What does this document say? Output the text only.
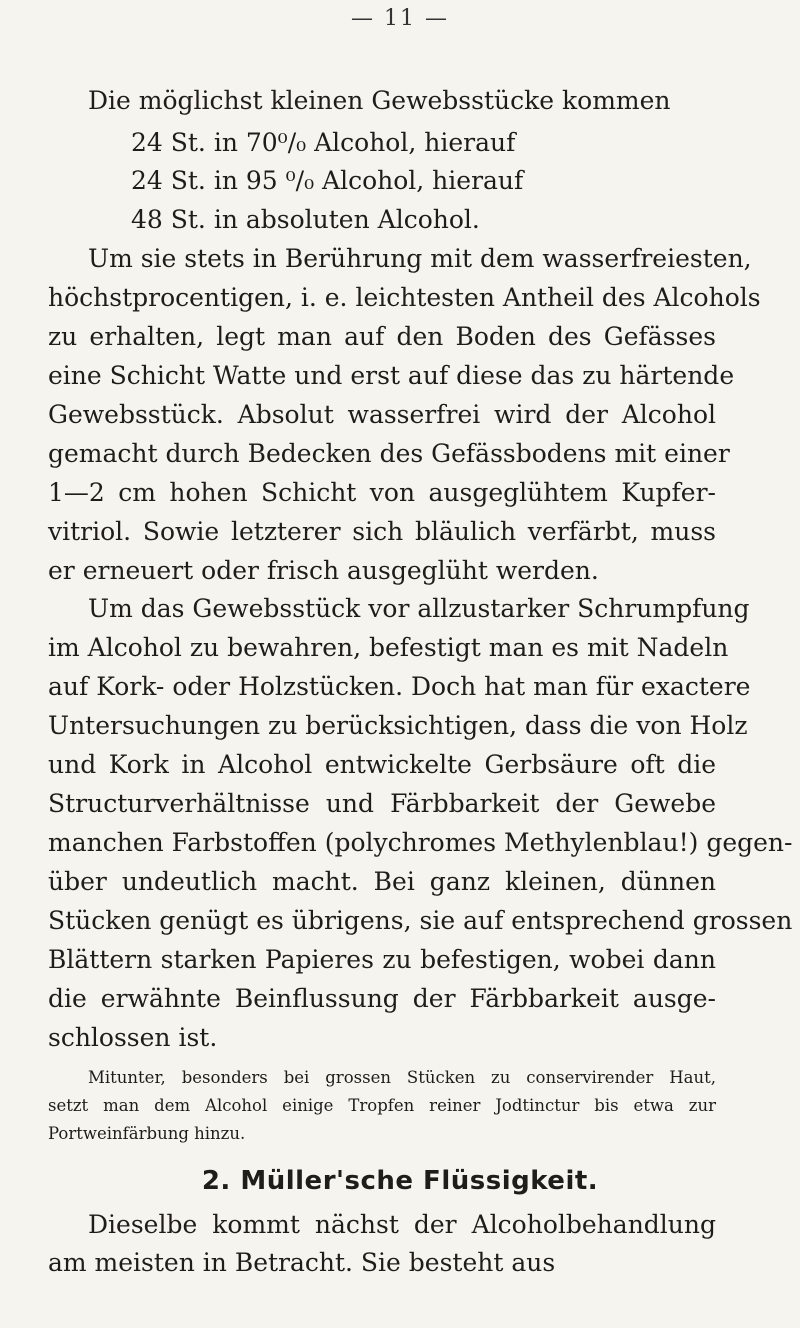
— 11 —
Die möglichst kleinen Gewebsstücke kommen
24 St. in 70⁰/₀ Alcohol, hierauf
24 St. in 95 ⁰/₀ Alcohol, hierauf
48 St. in absoluten Alcohol.
Um sie stets in Berührung mit dem wasserfreiesten,
höchstprocentigen, i. e. leichtesten Antheil des Alcohols
zu erhalten, legt man auf den Boden des Gefässes
eine Schicht Watte und erst auf diese das zu härtende
Gewebsstück. Absolut wasserfrei wird der Alcohol
gemacht durch Bedecken des Gefässbodens mit einer
1—2 cm hohen Schicht von ausgeglühtem Kupfer-
vitriol. Sowie letzterer sich bläulich verfärbt, muss
er erneuert oder frisch ausgeglüht werden.
Um das Gewebsstück vor allzustarker Schrumpfung
im Alcohol zu bewahren, befestigt man es mit Nadeln
auf Kork- oder Holzstücken. Doch hat man für exactere
Untersuchungen zu berücksichtigen, dass die von Holz
und Kork in Alcohol entwickelte Gerbsäure oft die
Structurverhältnisse und Färbbarkeit der Gewebe
manchen Farbstoffen (polychromes Methylenblau!) gegen-
über undeutlich macht. Bei ganz kleinen, dünnen
Stücken genügt es übrigens, sie auf entsprechend grossen
Blättern starken Papieres zu befestigen, wobei dann
die erwähnte Beinflussung der Färbbarkeit ausge-
schlossen ist.
Mitunter, besonders bei grossen Stücken zu conservirender Haut,
setzt man dem Alcohol einige Tropfen reiner Jodtinctur bis etwa zur
Portweinfärbung hinzu.
2. Müller'sche Flüssigkeit.
Dieselbe kommt nächst der Alcoholbehandlung
am meisten in Betracht. Sie besteht aus
